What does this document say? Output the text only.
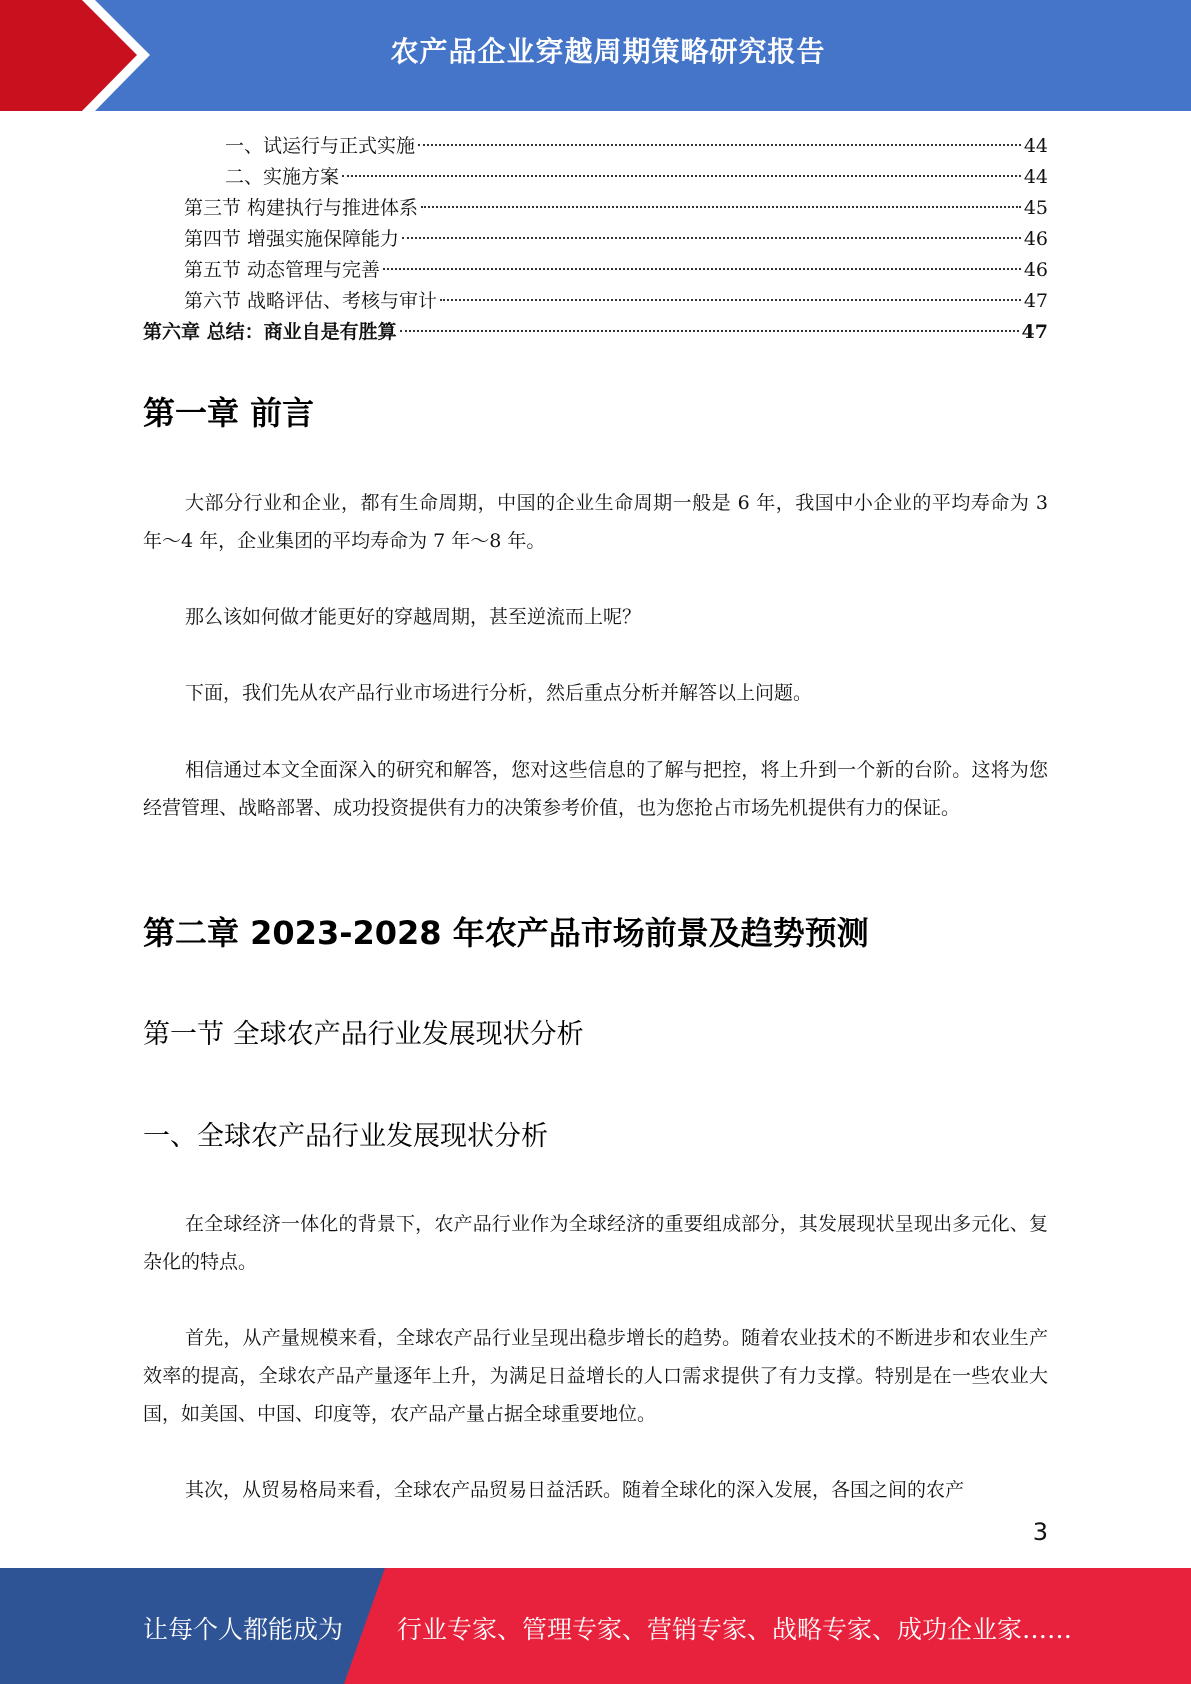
农产品企业穿越周期策略研究报告
一、试运行与正式实施	44
二、实施方案	44
第三节 构建执行与推进体系	45
第四节 增强实施保障能力	46
第五节 动态管理与完善	46
第六节 战略评估、考核与审计	47
第六章 总结：商业自是有胜算	47
第一章 前言

大部分行业和企业，都有生命周期，中国的企业生命周期一般是 6 年，我国中小企业的平均寿命为 3 年～4 年，企业集团的平均寿命为 7 年～8 年。

那么该如何做才能更好的穿越周期，甚至逆流而上呢？

下面，我们先从农产品行业市场进行分析，然后重点分析并解答以上问题。

相信通过本文全面深入的研究和解答，您对这些信息的了解与把控，将上升到一个新的台阶。这将为您经营管理、战略部署、成功投资提供有力的决策参考价值，也为您抢占市场先机提供有力的保证。

第二章 2023-2028 年农产品市场前景及趋势预测
第一节 全球农产品行业发展现状分析
一、全球农产品行业发展现状分析

在全球经济一体化的背景下，农产品行业作为全球经济的重要组成部分，其发展现状呈现出多元化、复杂化的特点。

首先，从产量规模来看，全球农产品行业呈现出稳步增长的趋势。随着农业技术的不断进步和农业生产效率的提高，全球农产品产量逐年上升，为满足日益增长的人口需求提供了有力支撑。特别是在一些农业大国，如美国、中国、印度等，农产品产量占据全球重要地位。

其次，从贸易格局来看，全球农产品贸易日益活跃。随着全球化的深入发展，各国之间的农产

3
让每个人都能成为 行业专家、管理专家、营销专家、战略专家、成功企业家……
